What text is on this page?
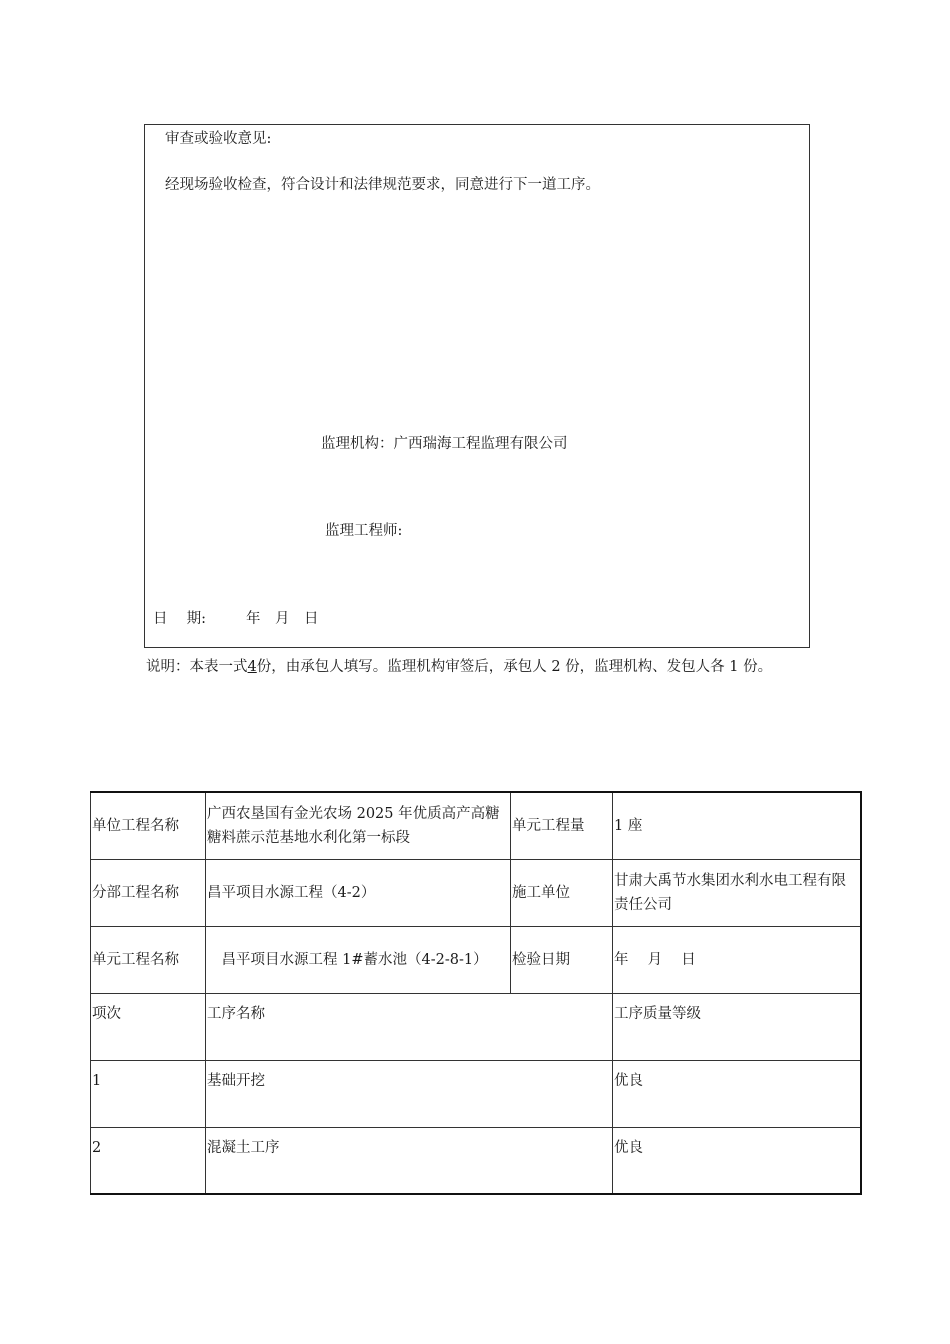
审查或验收意见:
经现场验收检查，符合设计和法律规范要求，同意进行下一道工序。
监理机构：广西瑞海工程监理有限公司
监理工程师:
日　 期:	年　月　日
说明：本表一式4份，由承包人填写。监理机构审签后，承包人 2 份，监理机构、发包人各 1 份。
单位工程名称	广西农垦国有金光农场 2025 年优质高产高糖糖料蔗示范基地水利化第一标段	单元工程量	1 座
分部工程名称	昌平项目水源工程（4-2）	施工单位	甘肃大禹节水集团水利水电工程有限责任公司
单元工程名称	　昌平项目水源工程 1#蓄水池（4-2-8-1）	检验日期	年　 月　 日
项次	工序名称		工序质量等级
1	基础开挖		优良
2	混凝土工序		优良
